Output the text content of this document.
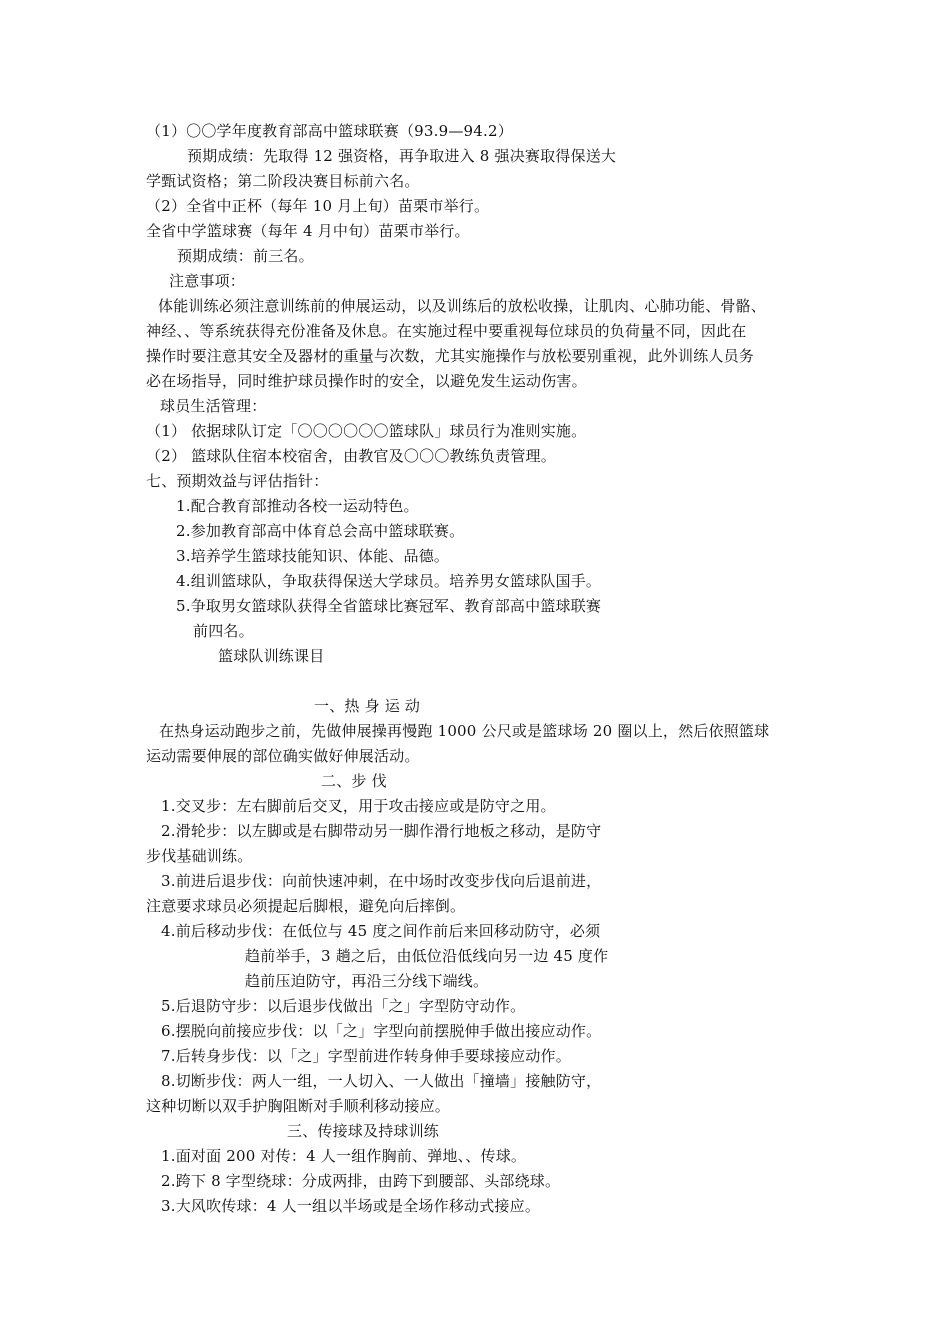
（1）〇〇学年度教育部高中篮球联赛（93.9—94.2）
预期成绩：先取得 12 强资格，再争取进入 8 强决赛取得保送大
学甄试资格；第二阶段决赛目标前六名。
（2）全省中正杯（每年 10 月上旬）苗栗市举行。
全省中学篮球赛（每年 4 月中旬）苗栗市举行。
预期成绩：前三名。
注意事项：
体能训练必须注意训练前的伸展运动，以及训练后的放松收操，让肌肉、心肺功能、骨骼、
神经、、等系统获得充份准备及休息。在实施过程中要重视每位球员的负荷量不同，因此在
操作时要注意其安全及器材的重量与次数，尤其实施操作与放松要别重视，此外训练人员务
必在场指导，同时维护球员操作时的安全，以避免发生运动伤害。
球员生活管理：
（1） 依据球队订定「〇〇〇〇〇〇篮球队」球员行为准则实施。
（2） 篮球队住宿本校宿舍，由教官及〇〇〇教练负责管理。
七、预期效益与评估指针：
1.配合教育部推动各校一运动特色。
2.参加教育部高中体育总会高中篮球联赛。
3.培养学生篮球技能知识、体能、品德。
4.组训篮球队，争取获得保送大学球员。培养男女篮球队国手。
5.争取男女篮球队获得全省篮球比赛冠军、教育部高中篮球联赛
前四名。
篮球队训练课目
一、热 身 运 动
在热身运动跑步之前，先做伸展操再慢跑 1000 公尺或是篮球场 20 圈以上，然后依照篮球
运动需要伸展的部位确实做好伸展活动。
二、步 伐
1.交叉步：左右脚前后交叉，用于攻击接应或是防守之用。
2.滑轮步：以左脚或是右脚带动另一脚作滑行地板之移动，是防守
步伐基础训练。
3.前进后退步伐：向前快速冲刺，在中场时改变步伐向后退前进，
注意要求球员必须提起后脚根，避免向后摔倒。
4.前后移动步伐：在低位与 45 度之间作前后来回移动防守，必须
趋前举手，3 趟之后，由低位沿低线向另一边 45 度作
趋前压迫防守，再沿三分线下端线。
5.后退防守步：以后退步伐做出「之」字型防守动作。
6.摆脱向前接应步伐：以「之」字型向前摆脱伸手做出接应动作。
7.后转身步伐：以「之」字型前进作转身伸手要球接应动作。
8.切断步伐：两人一组，一人切入、一人做出「撞墙」接触防守，
这种切断以双手护胸阻断对手顺利移动接应。
三、传接球及持球训练
1.面对面 200 对传：4 人一组作胸前、弹地、、传球。
2.跨下 8 字型绕球：分成两排，由跨下到腰部、头部绕球。
3.大风吹传球：4 人一组以半场或是全场作移动式接应。
